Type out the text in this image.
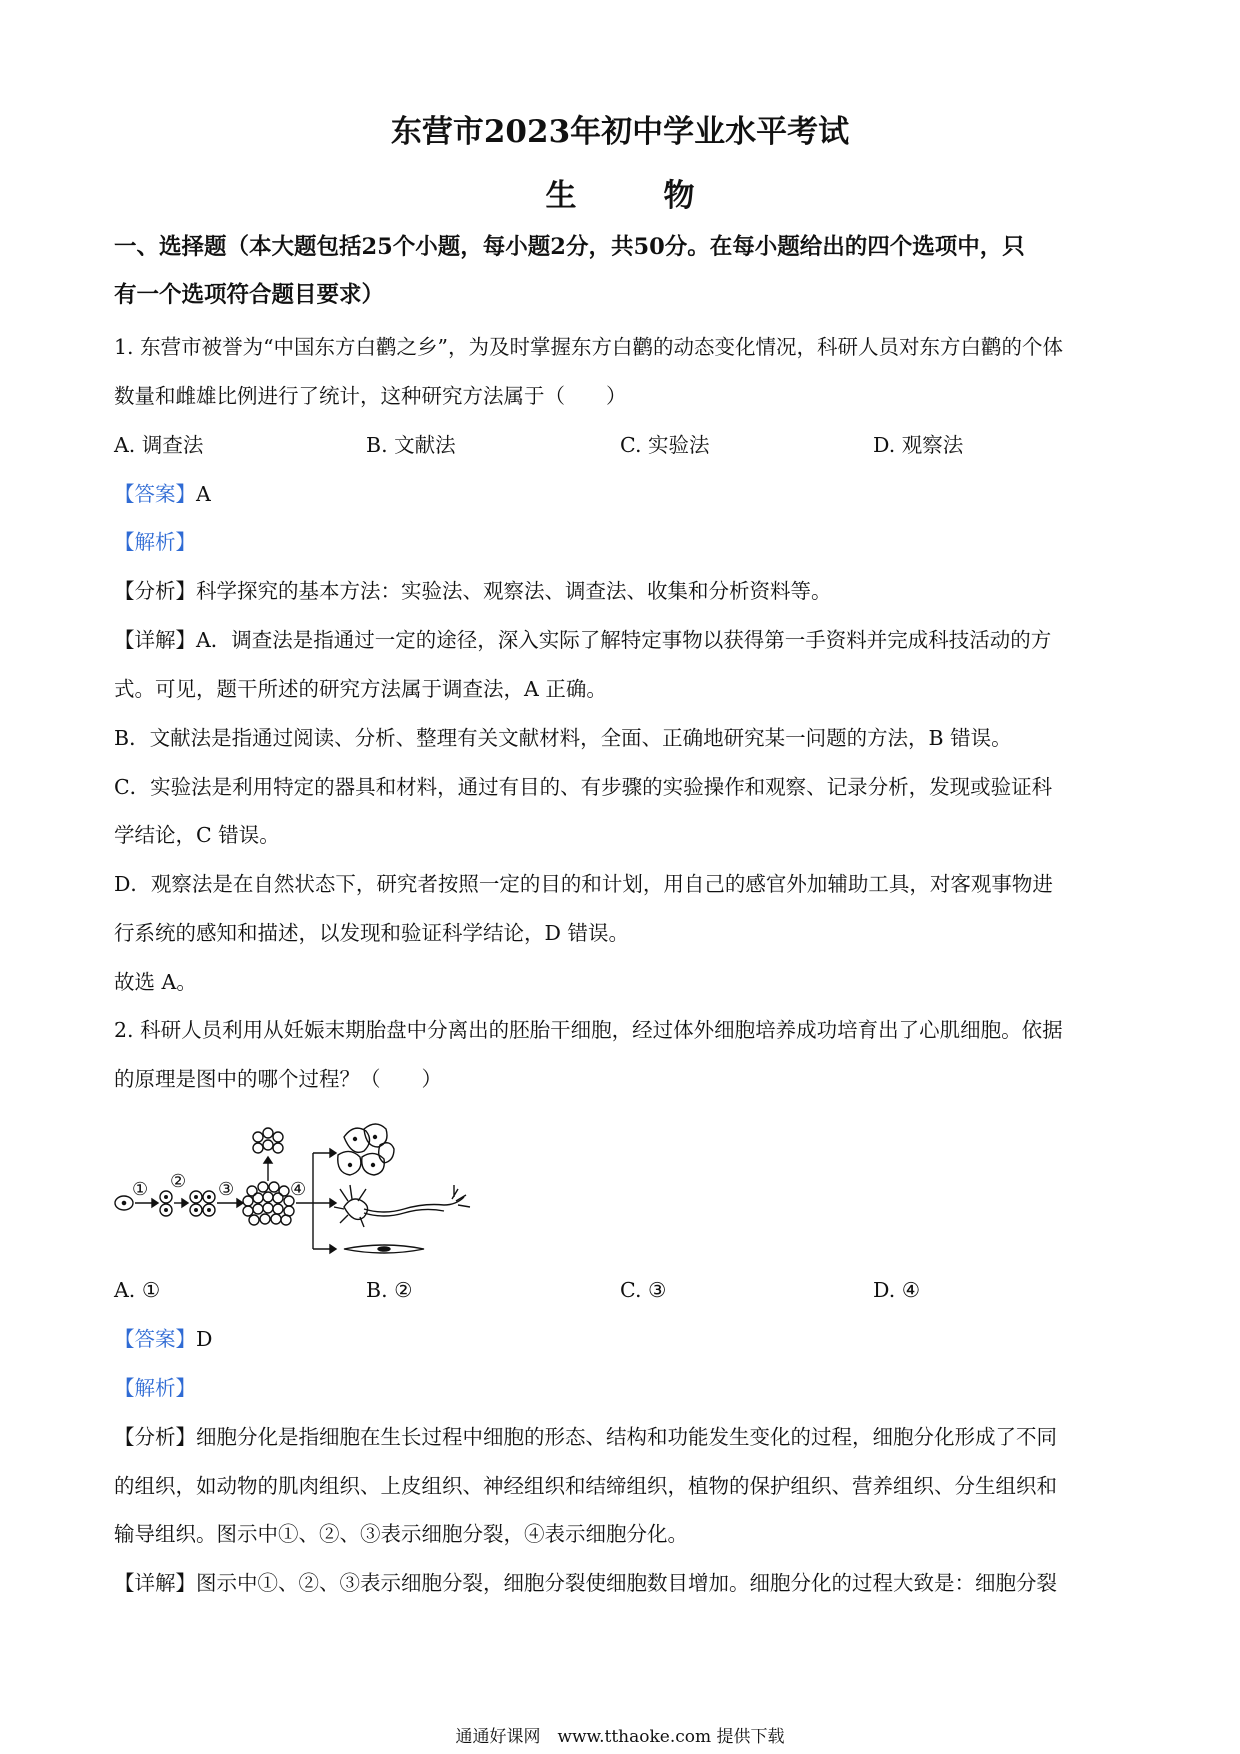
东营市2023年初中学业水平考试
生　物
一、选择题（本大题包括25个小题，每小题2分，共50分。在每小题给出的四个选项中，只
有一个选项符合题目要求）
1. 东营市被誉为“中国东方白鹳之乡”，为及时掌握东方白鹳的动态变化情况，科研人员对东方白鹳的个体
数量和雌雄比例进行了统计，这种研究方法属于（　　）
A. 调查法	B. 文献法	C. 实验法	D. 观察法
【答案】A
【解析】
【分析】科学探究的基本方法：实验法、观察法、调查法、收集和分析资料等。
【详解】A．调查法是指通过一定的途径，深入实际了解特定事物以获得第一手资料并完成科技活动的方
式。可见，题干所述的研究方法属于调查法，A 正确。
B．文献法是指通过阅读、分析、整理有关文献材料，全面、正确地研究某一问题的方法，B 错误。
C．实验法是利用特定的器具和材料，通过有目的、有步骤的实验操作和观察、记录分析，发现或验证科
学结论，C 错误。
D．观察法是在自然状态下，研究者按照一定的目的和计划，用自己的感官外加辅助工具，对客观事物进
行系统的感知和描述，以发现和验证科学结论，D 错误。
故选 A。
2. 科研人员利用从妊娠末期胎盘中分离出的胚胎干细胞，经过体外细胞培养成功培育出了心肌细胞。依据
的原理是图中的哪个过程？（　　）
① ② ③	④
A. ①	B. ②	C. ③	D. ④
【答案】D
【解析】
【分析】细胞分化是指细胞在生长过程中细胞的形态、结构和功能发生变化的过程，细胞分化形成了不同
的组织，如动物的肌肉组织、上皮组织、神经组织和结缔组织，植物的保护组织、营养组织、分生组织和
输导组织。图示中①、②、③表示细胞分裂，④表示细胞分化。
【详解】图示中①、②、③表示细胞分裂，细胞分裂使细胞数目增加。细胞分化的过程大致是：细胞分裂
通通好课网　www.tthaoke.com 提供下载
